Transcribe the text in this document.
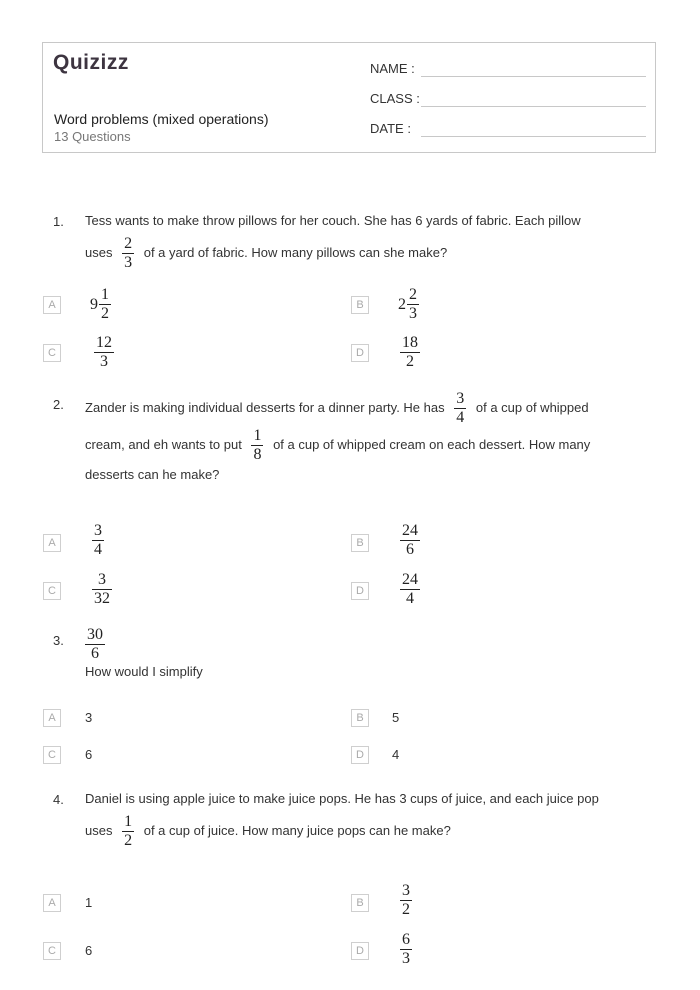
Quizizz
Word problems (mixed operations)
13 Questions
NAME :
CLASS :
DATE :
1. Tess wants to make throw pillows for her couch. She has 6 yards of fabric. Each pillow
uses $\frac{2}{3}$ of a yard of fabric. How many pillows can she make?
A	$9 \frac{1}{2}$	B	$2 \frac{2}{3}$
C	$\frac{12}{3}$	D	$\frac{18}{2}$
2. Zander is making individual desserts for a dinner party. He has $\frac{3}{4}$ of a cup of whipped
cream, and eh wants to put $\frac{1}{8}$ of a cup of whipped cream on each dessert. How many
desserts can he make?
A	$\frac{3}{4}$	B	$\frac{24}{6}$
C	$\frac{3}{32}$	D	$\frac{24}{4}$
3. $\frac{30}{6}$
How would I simplify
A	3	B	5
C	6	D	4
4. Daniel is using apple juice to make juice pops. He has 3 cups of juice, and each juice pop
uses $\frac{1}{2}$ of a cup of juice. How many juice pops can he make?
A	1	B	$\frac{3}{2}$
C	6	D	$\frac{6}{3}$
